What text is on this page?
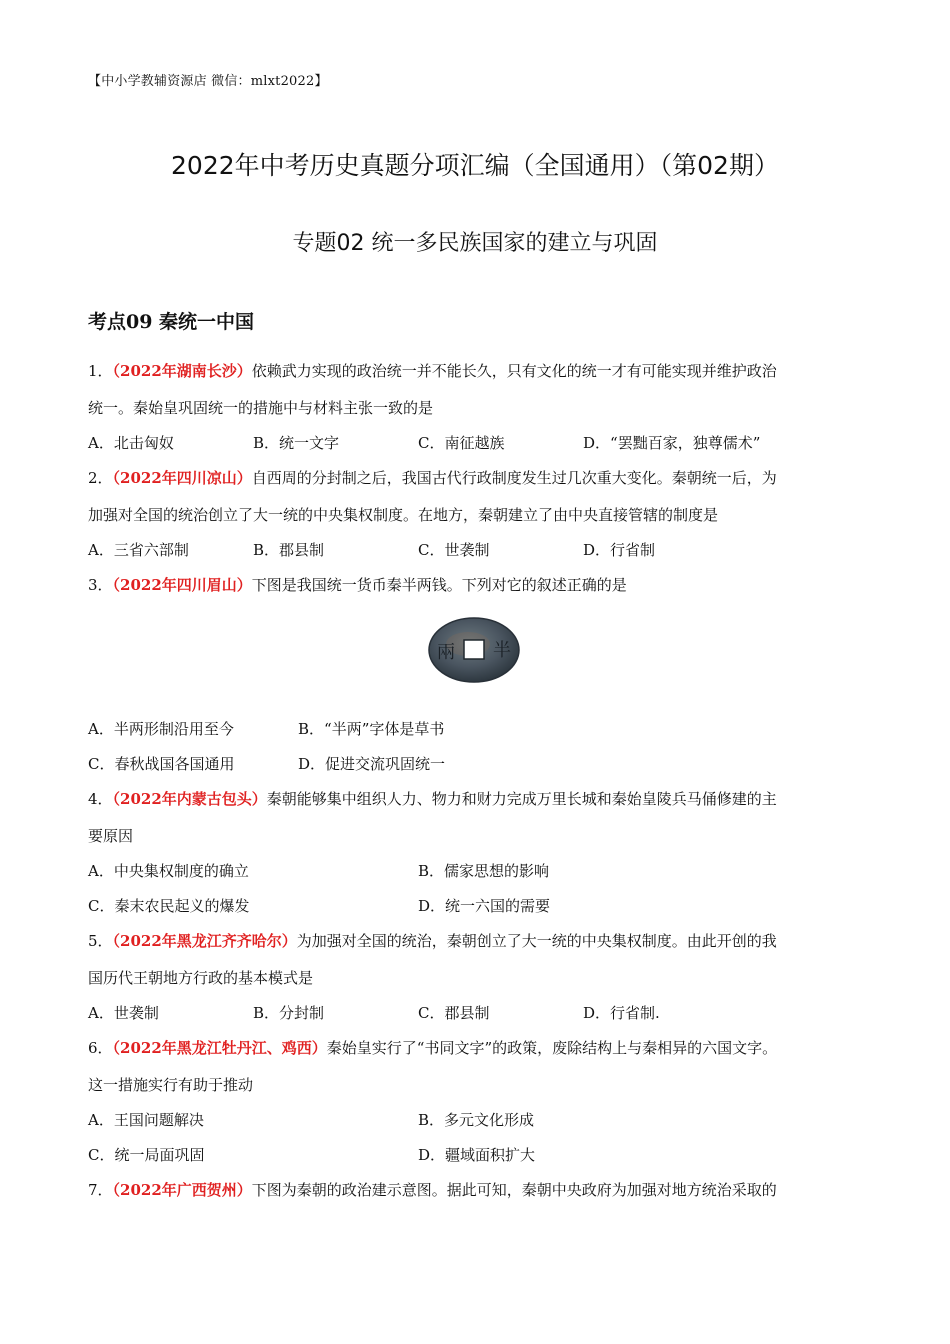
【中小学教辅资源店 微信：mlxt2022】
2022年中考历史真题分项汇编（全国通用）（第02期）
专题02 统一多民族国家的建立与巩固
考点09 秦统一中国
1．（2022年湖南长沙）依赖武力实现的政治统一并不能长久，只有文化的统一才有可能实现并维护政治
统一。秦始皇巩固统一的措施中与材料主张一致的是
A．北击匈奴	B．统一文字	C．南征越族	D．“罢黜百家，独尊儒术”
2．（2022年四川凉山）自西周的分封制之后，我国古代行政制度发生过几次重大变化。秦朝统一后，为
加强对全国的统治创立了大一统的中央集权制度。在地方，秦朝建立了由中央直接管辖的制度是
A．三省六部制	B．郡县制	C．世袭制	D．行省制
3．（2022年四川眉山）下图是我国统一货币秦半两钱。下列对它的叙述正确的是
兩 半
A．半两形制沿用至今	B．“半两”字体是草书
C．春秋战国各国通用	D．促进交流巩固统一
4．（2022年内蒙古包头）秦朝能够集中组织人力、物力和财力完成万里长城和秦始皇陵兵马俑修建的主
要原因
A．中央集权制度的确立	B．儒家思想的影响
C．秦末农民起义的爆发	D．统一六国的需要
5．（2022年黑龙江齐齐哈尔）为加强对全国的统治，秦朝创立了大一统的中央集权制度。由此开创的我
国历代王朝地方行政的基本模式是
A．世袭制	B．分封制	C．郡县制	D．行省制.
6．（2022年黑龙江牡丹江、鸡西）秦始皇实行了“书同文字”的政策，废除结构上与秦相异的六国文字。
这一措施实行有助于推动
A．王国问题解决	B．多元文化形成
C．统一局面巩固	D．疆域面积扩大
7．（2022年广西贺州）下图为秦朝的政治建示意图。据此可知，秦朝中央政府为加强对地方统治采取的
